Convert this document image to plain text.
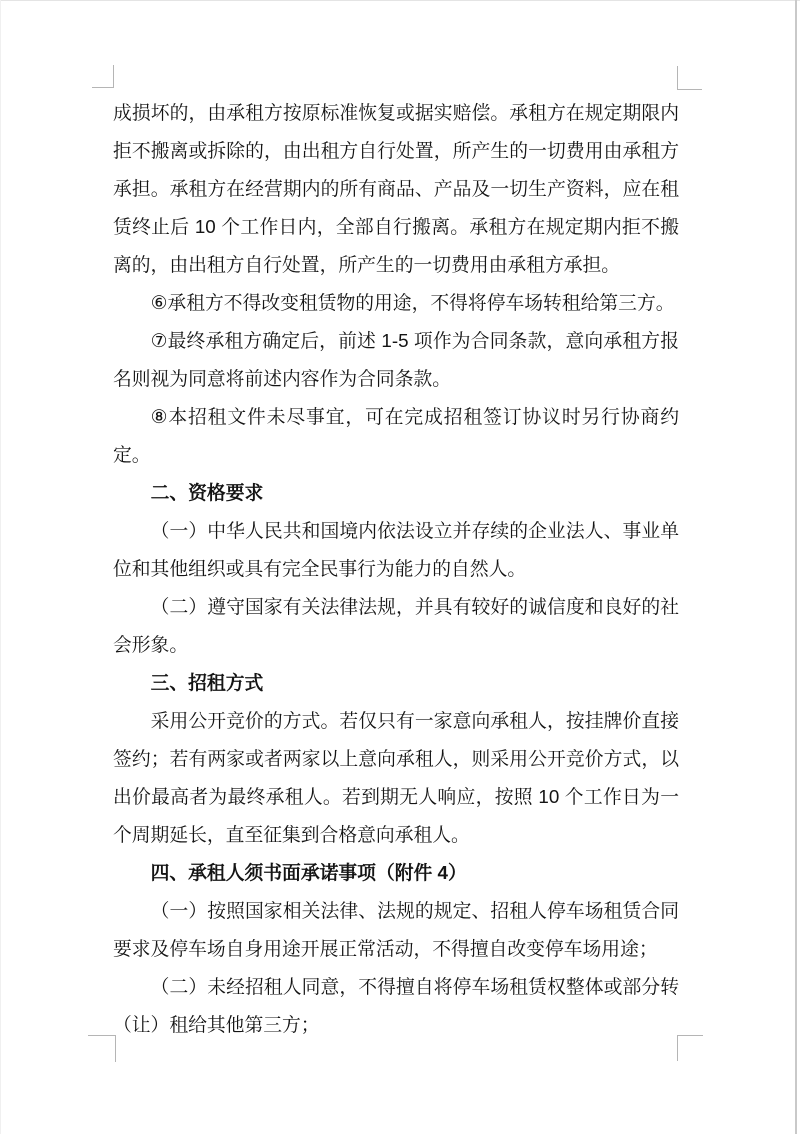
成损坏的，由承租方按原标准恢复或据实赔偿。承租方在规定期限内拒不搬离或拆除的，由出租方自行处置，所产生的一切费用由承租方承担。承租方在经营期内的所有商品、产品及一切生产资料，应在租赁终止后 10 个工作日内，全部自行搬离。承租方在规定期内拒不搬离的，由出租方自行处置，所产生的一切费用由承租方承担。

⑥承租方不得改变租赁物的用途，不得将停车场转租给第三方。

⑦最终承租方确定后，前述 1-5 项作为合同条款，意向承租方报名则视为同意将前述内容作为合同条款。

⑧本招租文件未尽事宜，可在完成招租签订协议时另行协商约定。

二、资格要求

（一）中华人民共和国境内依法设立并存续的企业法人、事业单位和其他组织或具有完全民事行为能力的自然人。

（二）遵守国家有关法律法规，并具有较好的诚信度和良好的社会形象。

三、招租方式

采用公开竞价的方式。若仅只有一家意向承租人，按挂牌价直接签约；若有两家或者两家以上意向承租人，则采用公开竞价方式，以出价最高者为最终承租人。若到期无人响应，按照 10 个工作日为一个周期延长，直至征集到合格意向承租人。

四、承租人须书面承诺事项（附件 4）

（一）按照国家相关法律、法规的规定、招租人停车场租赁合同要求及停车场自身用途开展正常活动，不得擅自改变停车场用途；

（二）未经招租人同意，不得擅自将停车场租赁权整体或部分转（让）租给其他第三方；
